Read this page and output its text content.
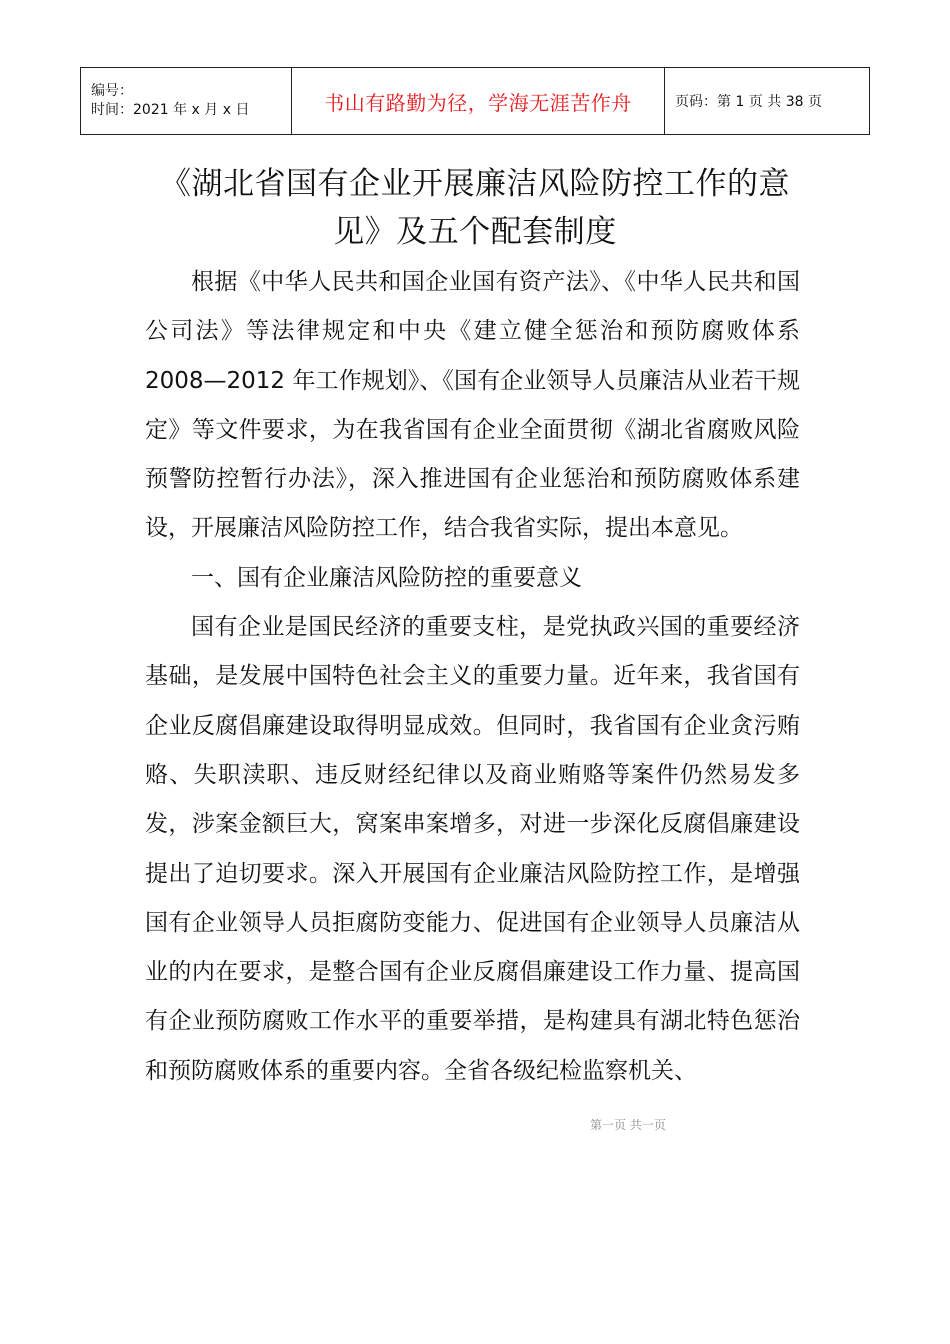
编号：
时间：2021 年 x 月 x 日	书山有路勤为径，学海无涯苦作舟	页码：第 1 页 共 38 页
《湖北省国有企业开展廉洁风险防控工作的意见》及五个配套制度

根据《中华人民共和国企业国有资产法》、《中华人民共和国公司法》等法律规定和中央《建立健全惩治和预防腐败体系 2008—2012 年工作规划》、《国有企业领导人员廉洁从业若干规定》等文件要求，为在我省国有企业全面贯彻《湖北省腐败风险预警防控暂行办法》，深入推进国有企业惩治和预防腐败体系建设，开展廉洁风险防控工作，结合我省实际，提出本意见。

一、国有企业廉洁风险防控的重要意义

国有企业是国民经济的重要支柱，是党执政兴国的重要经济基础，是发展中国特色社会主义的重要力量。近年来，我省国有企业反腐倡廉建设取得明显成效。但同时，我省国有企业贪污贿赂、失职渎职、违反财经纪律以及商业贿赂等案件仍然易发多发，涉案金额巨大，窝案串案增多，对进一步深化反腐倡廉建设提出了迫切要求。深入开展国有企业廉洁风险防控工作，是增强国有企业领导人员拒腐防变能力、促进国有企业领导人员廉洁从业的内在要求，是整合国有企业反腐倡廉建设工作力量、提高国有企业预防腐败工作水平的重要举措，是构建具有湖北特色惩治和预防腐败体系的重要内容。全省各级纪检监察机关、

第一页 共一页
